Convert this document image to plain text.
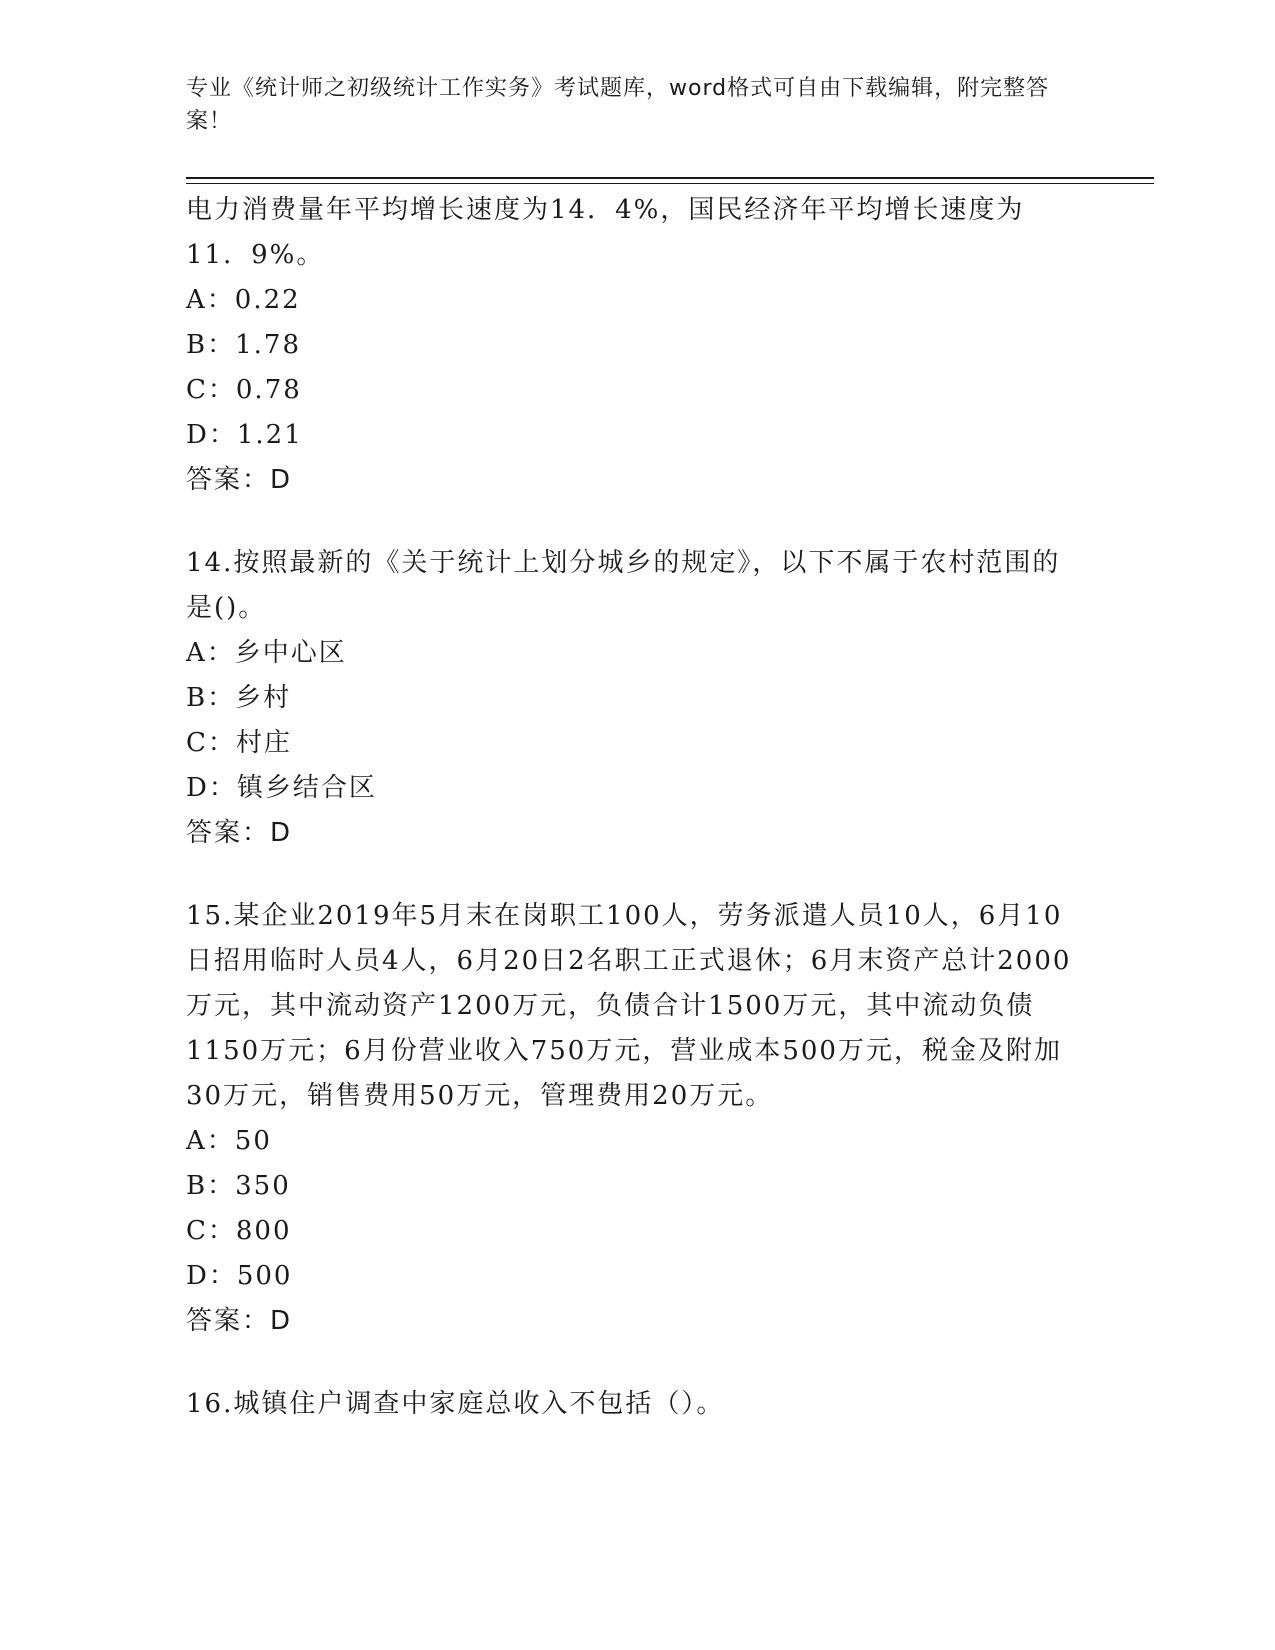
专业《统计师之初级统计工作实务》考试题库，word格式可自由下载编辑，附完整答案！

电力消费量年平均增长速度为14．4%，国民经济年平均增长速度为11．9%。

A：0.22

B：1.78

C：0.78

D：1.21

答案：D

14.按照最新的《关于统计上划分城乡的规定》，以下不属于农村范围的是()。

A：乡中心区

B：乡村

C：村庄

D：镇乡结合区

答案：D

15.某企业2019年5月末在岗职工100人，劳务派遣人员10人，6月10日招用临时人员4人，6月20日2名职工正式退休；6月末资产总计2000万元，其中流动资产1200万元，负债合计1500万元，其中流动负债1150万元；6月份营业收入750万元，营业成本500万元，税金及附加30万元，销售费用50万元，管理费用20万元。

A：50

B：350

C：800

D：500

答案：D

16.城镇住户调查中家庭总收入不包括（）。
